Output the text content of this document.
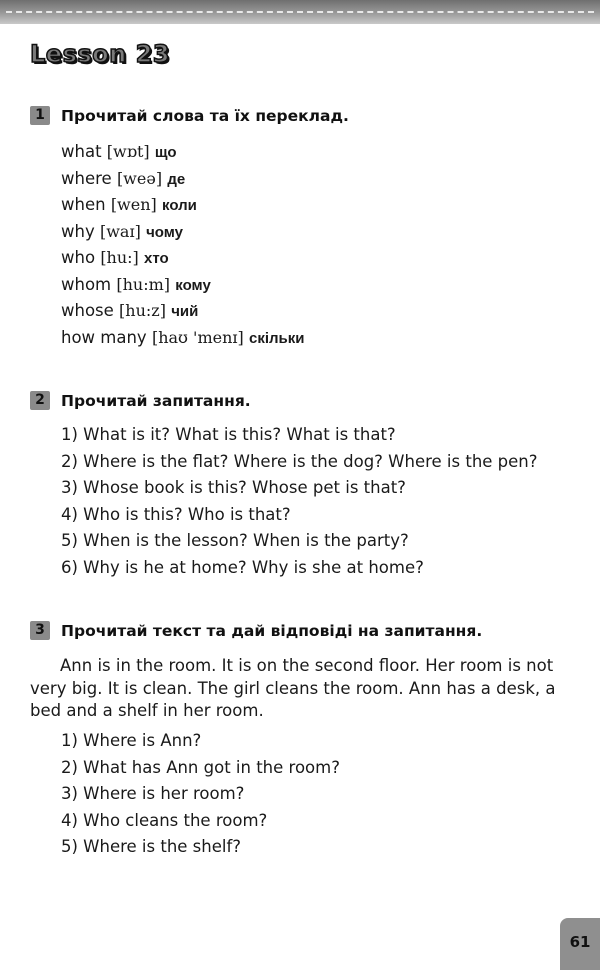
Lesson 23
1	Прочитай слова та їх переклад.
what [wɒt] що
where [weə] де
when [wen] коли
why [waɪ] чому
who [hu:] хто
whom [hu:m] кому
whose [hu:z] чий
how many [haʊ 'menɪ] скільки
2	Прочитай запитання.
1) What is it? What is this? What is that?
2) Where is the flat? Where is the dog? Where is the pen?
3) Whose book is this? Whose pet is that?
4) Who is this? Who is that?
5) When is the lesson? When is the party?
6) Why is he at home? Why is she at home?
3	Прочитай текст та дай відповіді на запитання.

Ann is in the room. It is on the second floor. Her room is not very big. It is clean. The girl cleans the room. Ann has a desk, a bed and a shelf in her room.

1) Where is Ann?
2) What has Ann got in the room?
3) Where is her room?
4) Who cleans the room?
5) Where is the shelf?
61
